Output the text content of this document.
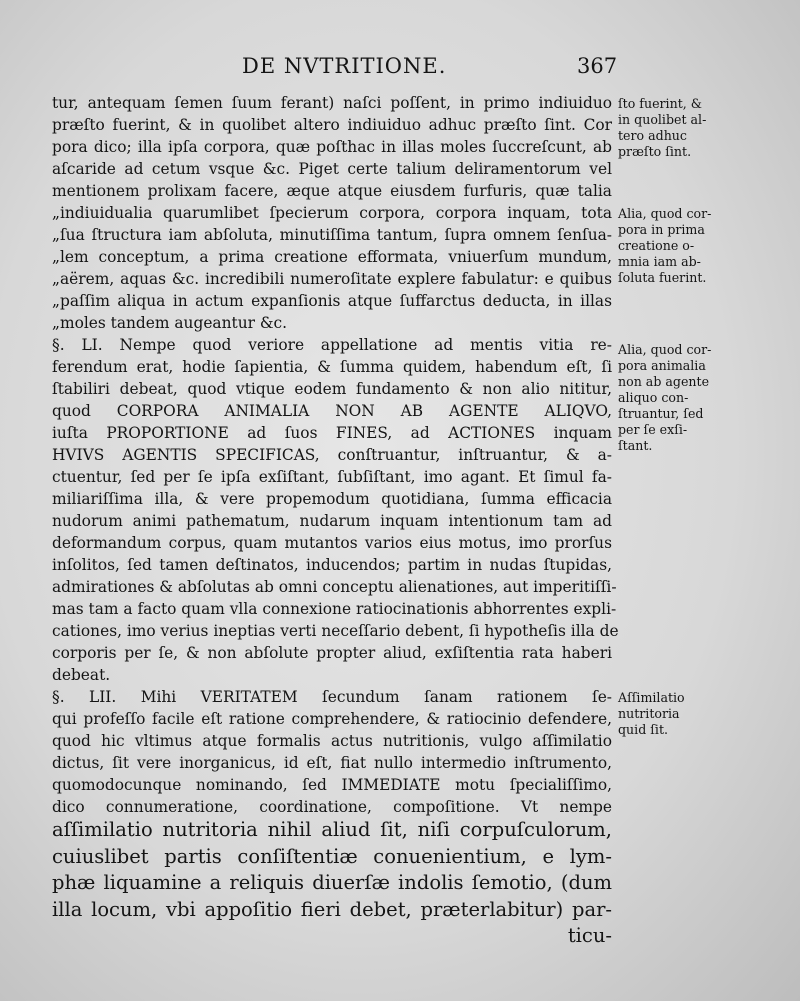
DE NVTRITIONE.	367
tur, antequam ſemen ſuum ferant) naſci poſſent, in primo indiuiduo
præſto fuerint, & in quolibet altero indiuiduo adhuc præſto ſint. Cor
pora dico; illa ipſa corpora, quæ poſthac in illas moles ſuccreſcunt, ab
aſcaride ad cetum vsque &c. Piget certe talium deliramentorum vel
mentionem prolixam facere, æque atque eiusdem furfuris, quæ talia
„indiuidualia quarumlibet ſpecierum corpora, corpora inquam, tota
„ſua ſtructura iam abſoluta, minutiſſima tantum, ſupra omnem ſenſua-
„lem conceptum, a prima creatione efformata, vniuerſum mundum,
„aërem, aquas &c. incredibili numeroſitate explere fabulatur: e quibus
„paſſim aliqua in actum expanſionis atque ſuffarctus deducta, in illas
„moles tandem augeantur &c.
§. LI. Nempe quod veriore appellatione ad mentis vitia re-
ferendum erat, hodie ſapientia, & ſumma quidem, habendum eſt, ſi
ſtabiliri debeat, quod vtique eodem fundamento & non alio nititur,
quod CORPORA ANIMALIA NON AB AGENTE ALIQVO,
iuſta PROPORTIONE ad ſuos FINES, ad ACTIONES inquam
HVIVS AGENTIS SPECIFICAS, conſtruantur, inſtruantur, & a-
ctuentur, ſed per ſe ipſa exſiſtant, ſubſiſtant, imo agant. Et ſimul fa-
miliariſſima illa, & vere propemodum quotidiana, ſumma efficacia
nudorum animi pathematum, nudarum inquam intentionum tam ad
deformandum corpus, quam mutantos varios eius motus, imo prorſus
inſolitos, ſed tamen deſtinatos, inducendos; partim in nudas ſtupidas,
admirationes & abſolutas ab omni conceptu alienationes, aut imperitiſſi-
mas tam a facto quam vlla connexione ratiocinationis abhorrentes expli-
cationes, imo verius ineptias verti neceſſario debent, ſi hypotheſis illa de
corporis per ſe, & non abſolute propter aliud, exſiſtentia rata haberi
debeat.
§. LII. Mihi VERITATEM ſecundum ſanam rationem ſe-
qui profeſſo facile eſt ratione comprehendere, & ratiocinio defendere,
quod hic vltimus atque formalis actus nutritionis, vulgo aſſimilatio
dictus, ſit vere inorganicus, id eſt, fiat nullo intermedio inſtrumento,
quomodocunque nominando, ſed IMMEDIATE motu ſpecialiſſimo,
dico connumeratione, coordinatione, compoſitione. Vt nempe
aſſimilatio nutritoria nihil aliud ſit, niſi corpuſculorum,
cuiuslibet partis conſiſtentiæ conuenientium, e lym-
phæ liquamine a reliquis diuerſæ indolis ſemotio, (dum
illa locum, vbi appoſitio fieri debet, præterlabitur) par-
ticu-
ſto fuerint, &
in quolibet al-
tero adhuc
præſto ſint.
Alia, quod cor-
pora in prima
creatione o-
mnia iam ab-
ſoluta fuerint.
Alia, quod cor-
pora animalia
non ab agente
aliquo con-
ſtruantur, ſed
per ſe exſi-
ſtant.
Aſſimilatio
nutritoria
quid ſit.
